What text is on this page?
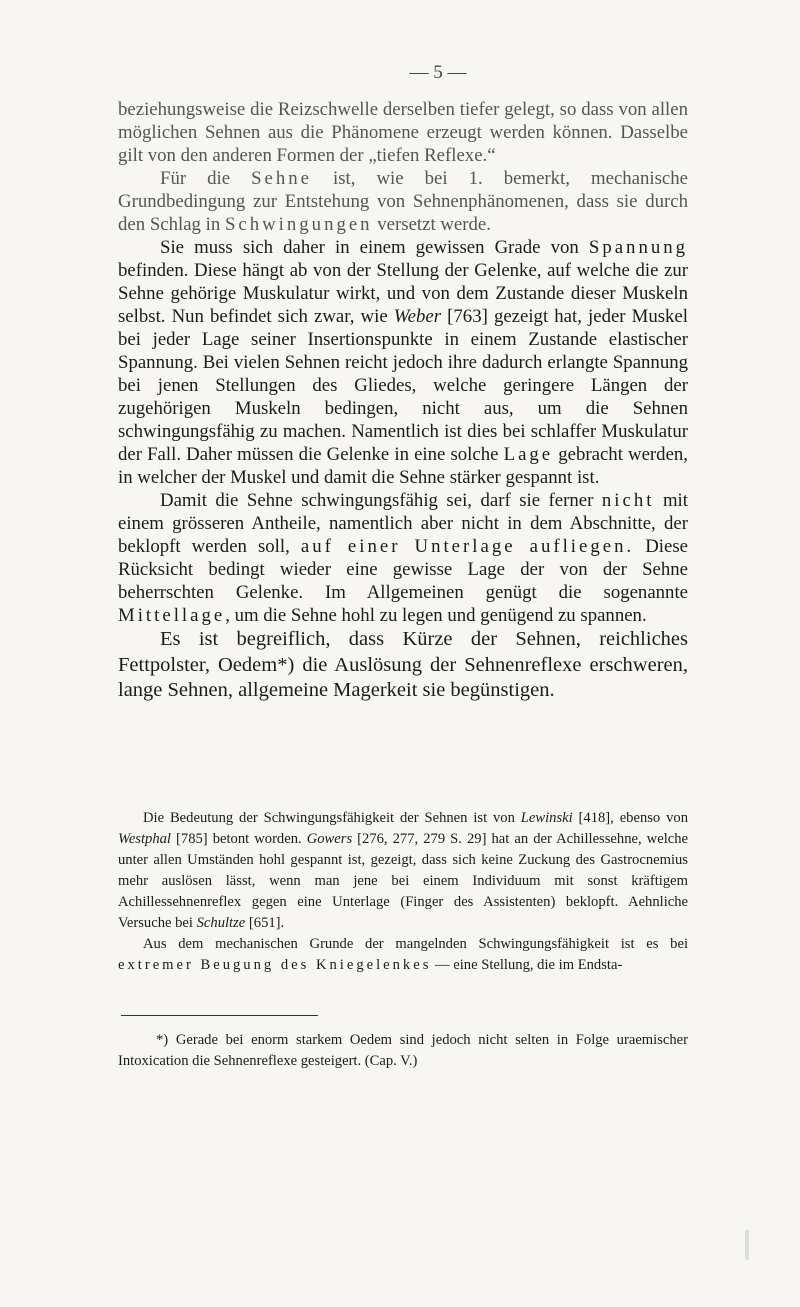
— 5 —

beziehungsweise die Reizschwelle derselben tiefer gelegt, so dass von allen möglichen Sehnen aus die Phänomene erzeugt werden können. Dasselbe gilt von den anderen Formen der „tiefen Reflexe.“

Für die Sehne ist, wie bei 1. bemerkt, mechanische Grundbedingung zur Entstehung von Sehnenphänomenen, dass sie durch den Schlag in Schwingungen versetzt werde.

Sie muss sich daher in einem gewissen Grade von Spannung befinden. Diese hängt ab von der Stellung der Gelenke, auf welche die zur Sehne gehörige Muskulatur wirkt, und von dem Zustande dieser Muskeln selbst. Nun befindet sich zwar, wie Weber [763] gezeigt hat, jeder Muskel bei jeder Lage seiner Insertionspunkte in einem Zustande elastischer Spannung. Bei vielen Sehnen reicht jedoch ihre dadurch erlangte Spannung bei jenen Stellungen des Gliedes, welche geringere Längen der zugehörigen Muskeln bedingen, nicht aus, um die Sehnen schwingungsfähig zu machen. Namentlich ist dies bei schlaffer Muskulatur der Fall. Daher müssen die Gelenke in eine solche Lage gebracht werden, in welcher der Muskel und damit die Sehne stärker gespannt ist.

Damit die Sehne schwingungsfähig sei, darf sie ferner nicht mit einem grösseren Antheile, namentlich aber nicht in dem Abschnitte, der beklopft werden soll, auf einer Unterlage aufliegen. Diese Rücksicht bedingt wieder eine gewisse Lage der von der Sehne beherrschten Gelenke. Im Allgemeinen genügt die sogenannte Mittellage, um die Sehne hohl zu legen und genügend zu spannen.

Es ist begreiflich, dass Kürze der Sehnen, reichliches Fettpolster, Oedem*) die Auslösung der Sehnenreflexe erschweren, lange Sehnen, allgemeine Magerkeit sie begünstigen.

Die Bedeutung der Schwingungsfähigkeit der Sehnen ist von Lewinski [418], ebenso von Westphal [785] betont worden. Gowers [276, 277, 279 S. 29] hat an der Achillessehne, welche unter allen Umständen hohl gespannt ist, gezeigt, dass sich keine Zuckung des Gastrocnemius mehr auslösen lässt, wenn man jene bei einem Individuum mit sonst kräftigem Achillessehnenreflex gegen eine Unterlage (Finger des Assistenten) beklopft. Aehnliche Versuche bei Schultze [651].

Aus dem mechanischen Grunde der mangelnden Schwingungsfähigkeit ist es bei extremer Beugung des Kniegelenkes — eine Stellung, die im Endsta-

*) Gerade bei enorm starkem Oedem sind jedoch nicht selten in Folge uraemischer Intoxication die Sehnenreflexe gesteigert. (Cap. V.)
